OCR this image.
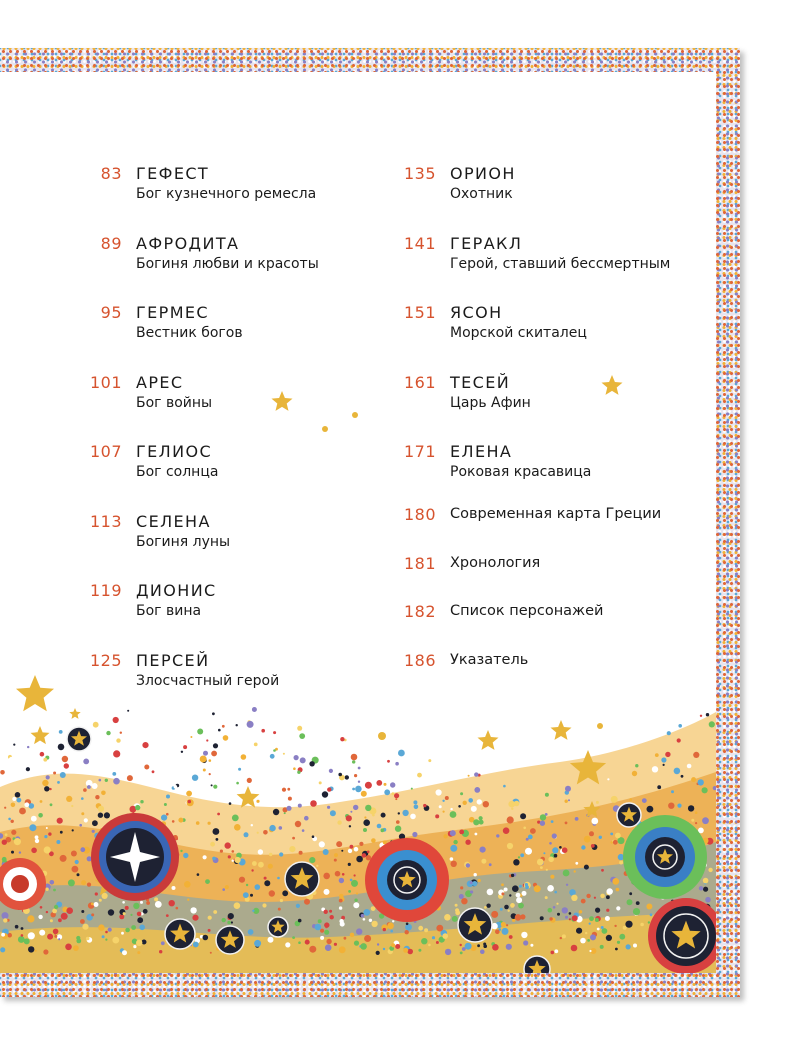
83 ГЕФЕСТ
Бог кузнечного ремесла
89 АФРОДИТА
Богиня любви и красоты
95 ГЕРМЕС
Вестник богов
101 АРЕС
Бог войны
107 ГЕЛИОС
Бог солнца
113 СЕЛЕНА
Богиня луны
119 ДИОНИС
Бог вина
125 ПЕРСЕЙ
Злосчастный герой
135 ОРИОН
Охотник
141 ГЕРАКЛ
Герой, ставший бессмертным
151 ЯСОН
Морской скиталец
161 ТЕСЕЙ
Царь Афин
171 ЕЛЕНА
Роковая красавица
180 Современная карта Греции
181 Хронология
182 Список персонажей
186 Указатель
